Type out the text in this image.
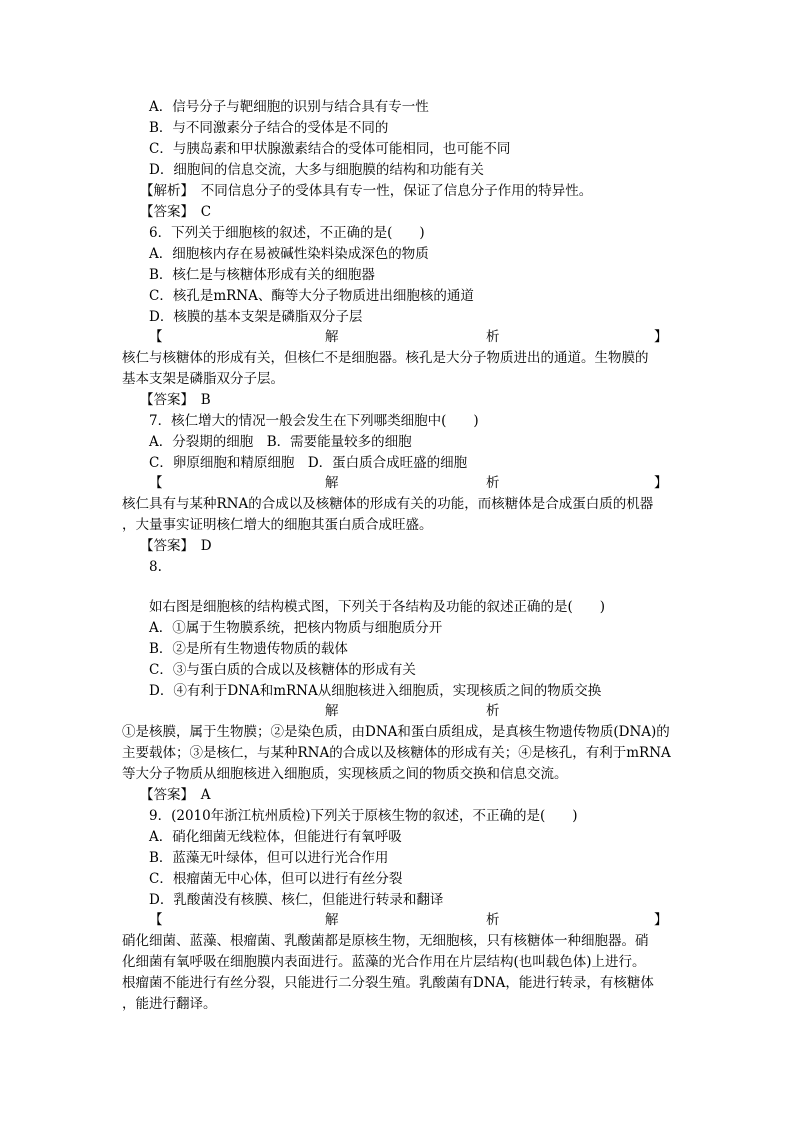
A．信号分子与靶细胞的识别与结合具有专一性
B．与不同激素分子结合的受体是不同的
C．与胰岛素和甲状腺激素结合的受体可能相同，也可能不同
D．细胞间的信息交流，大多与细胞膜的结构和功能有关
【解析】　不同信息分子的受体具有专一性，保证了信息分子作用的特异性。
【答案】　C
6．下列关于细胞核的叙述，不正确的是(　　)
A．细胞核内存在易被碱性染料染成深色的物质
B．核仁是与核糖体形成有关的细胞器
C．核孔是mRNA、酶等大分子物质进出细胞核的通道
D．核膜的基本支架是磷脂双分子层
【	解	析	】
核仁与核糖体的形成有关，但核仁不是细胞器。核孔是大分子物质进出的通道。生物膜的
基本支架是磷脂双分子层。
【答案】　B
7．核仁增大的情况一般会发生在下列哪类细胞中(　　)
A．分裂期的细胞　B．需要能量较多的细胞
C．卵原细胞和精原细胞　D．蛋白质合成旺盛的细胞
【	解	析	】
核仁具有与某种RNA的合成以及核糖体的形成有关的功能，而核糖体是合成蛋白质的机器
，大量事实证明核仁增大的细胞其蛋白质合成旺盛。
【答案】　D
8.
如右图是细胞核的结构模式图，下列关于各结构及功能的叙述正确的是(　　)
A．①属于生物膜系统，把核内物质与细胞质分开
B．②是所有生物遗传物质的载体
C．③与蛋白质的合成以及核糖体的形成有关
D．④有利于DNA和mRNA从细胞核进入细胞质，实现核质之间的物质交换
解	析
①是核膜，属于生物膜；②是染色质，由DNA和蛋白质组成，是真核生物遗传物质(DNA)的
主要载体；③是核仁，与某种RNA的合成以及核糖体的形成有关；④是核孔，有利于mRNA
等大分子物质从细胞核进入细胞质，实现核质之间的物质交换和信息交流。
【答案】　A
9．(2010年浙江杭州质检)下列关于原核生物的叙述，不正确的是(　　)
A．硝化细菌无线粒体，但能进行有氧呼吸
B．蓝藻无叶绿体，但可以进行光合作用
C．根瘤菌无中心体，但可以进行有丝分裂
D．乳酸菌没有核膜、核仁，但能进行转录和翻译
【	解	析	】
硝化细菌、蓝藻、根瘤菌、乳酸菌都是原核生物，无细胞核，只有核糖体一种细胞器。硝
化细菌有氧呼吸在细胞膜内表面进行。蓝藻的光合作用在片层结构(也叫载色体)上进行。
根瘤菌不能进行有丝分裂，只能进行二分裂生殖。乳酸菌有DNA，能进行转录，有核糖体
，能进行翻译。
